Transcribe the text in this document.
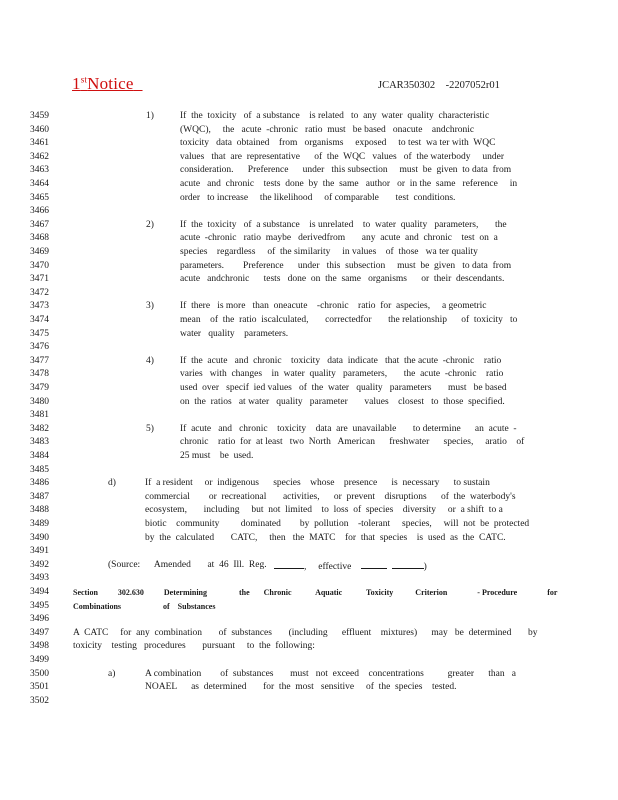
1stNotice	JCAR350302    -2207052r01
3459	1)	If  the  toxicity   of  a substance    is related   to  any  water  quality  characteristic
3460	(WQC),     the   acute  -chronic   ratio  must   be based   onacute    andchronic
3461	toxicity   data  obtained    from   organisms     exposed     to test  wa ter with  WQC
3462	values   that  are  representative      of  the  WQC   values   of  the waterbody     under
3463	consideration.      Preference      under   this subsection     must  be  given  to data  from
3464	acute   and  chronic    tests  done  by  the  same   author   or  in the  same   reference     in
3465	order   to increase     the likelihood     of comparable       test  conditions.
3466
3467	2)	If  the  toxicity   of  a substance    is unrelated    to  water  quality   parameters,       the
3468	acute  -chronic   ratio  maybe   derivedfrom       any  acute  and  chronic    test  on  a
3469	species    regardless     of  the similarity     in values    of  those   wa ter quality
3470	parameters.        Preference      under   this  subsection     must  be  given   to data  from
3471	acute   andchronic      tests   done  on  the  same   organisms      or  their  descendants.
3472
3473	3)	If  there   is more   than  oneacute    -chronic    ratio  for  aspecies,     a geometric
3474	mean    of  the  ratio  iscalculated,       correctedfor       the relationship      of  toxicity   to
3475	water   quality    parameters.
3476
3477	4)	If  the  acute   and  chronic    toxicity   data  indicate   that  the acute  -chronic    ratio
3478	varies   with  changes    in  water  quality   parameters,       the  acute  -chronic    ratio
3479	used  over   specif  ied values   of  the  water   quality   parameters       must   be based
3480	on  the  ratios   at water   quality   parameter       values    closest   to  those  specified.
3481
3482	5)	If  acute   and   chronic    toxicity    data  are  unavailable       to determine      an  acute  -
3483	chronic    ratio  for  at least   two  North   American      freshwater      species,     aratio    of
3484	25 must    be  used.
3485
3486	d)	If  a resident     or  indigenous      species    whose    presence      is  necessary      to sustain
3487	commercial        or  recreational       activities,      or  prevent    disruptions      of  the  waterbody's
3488	ecosystem,       including     but  not  limited    to  loss  of  species    diversity     or  a shift  to a
3489	biotic    community         dominated        by  pollution    -tolerant     species,     will  not  be  protected
3490	by  the  calculated       CATC,     then   the  MATC    for  that  species    is  used  as  the  CATC.
3491
3492	(Source:      Amended       at  46  Ill.  Reg.	, effective	)
3493
3494	Section          302.630          Determining                the       Chronic            Aquatic            Toxicity           Criterion               - Procedure               for
3495	Combinations                     of    Substances
3496
3497	A  CATC     for  any  combination       of  substances       (including      effluent    mixtures)      may   be  determined       by
3498	toxicity    testing   procedures       pursuant     to  the  following:
3499
3500	a)	A combination        of  substances       must   not  exceed    concentrations          greater      than   a
3501	NOAEL      as  determined       for  the  most   sensitive     of  the  species    tested.
3502
